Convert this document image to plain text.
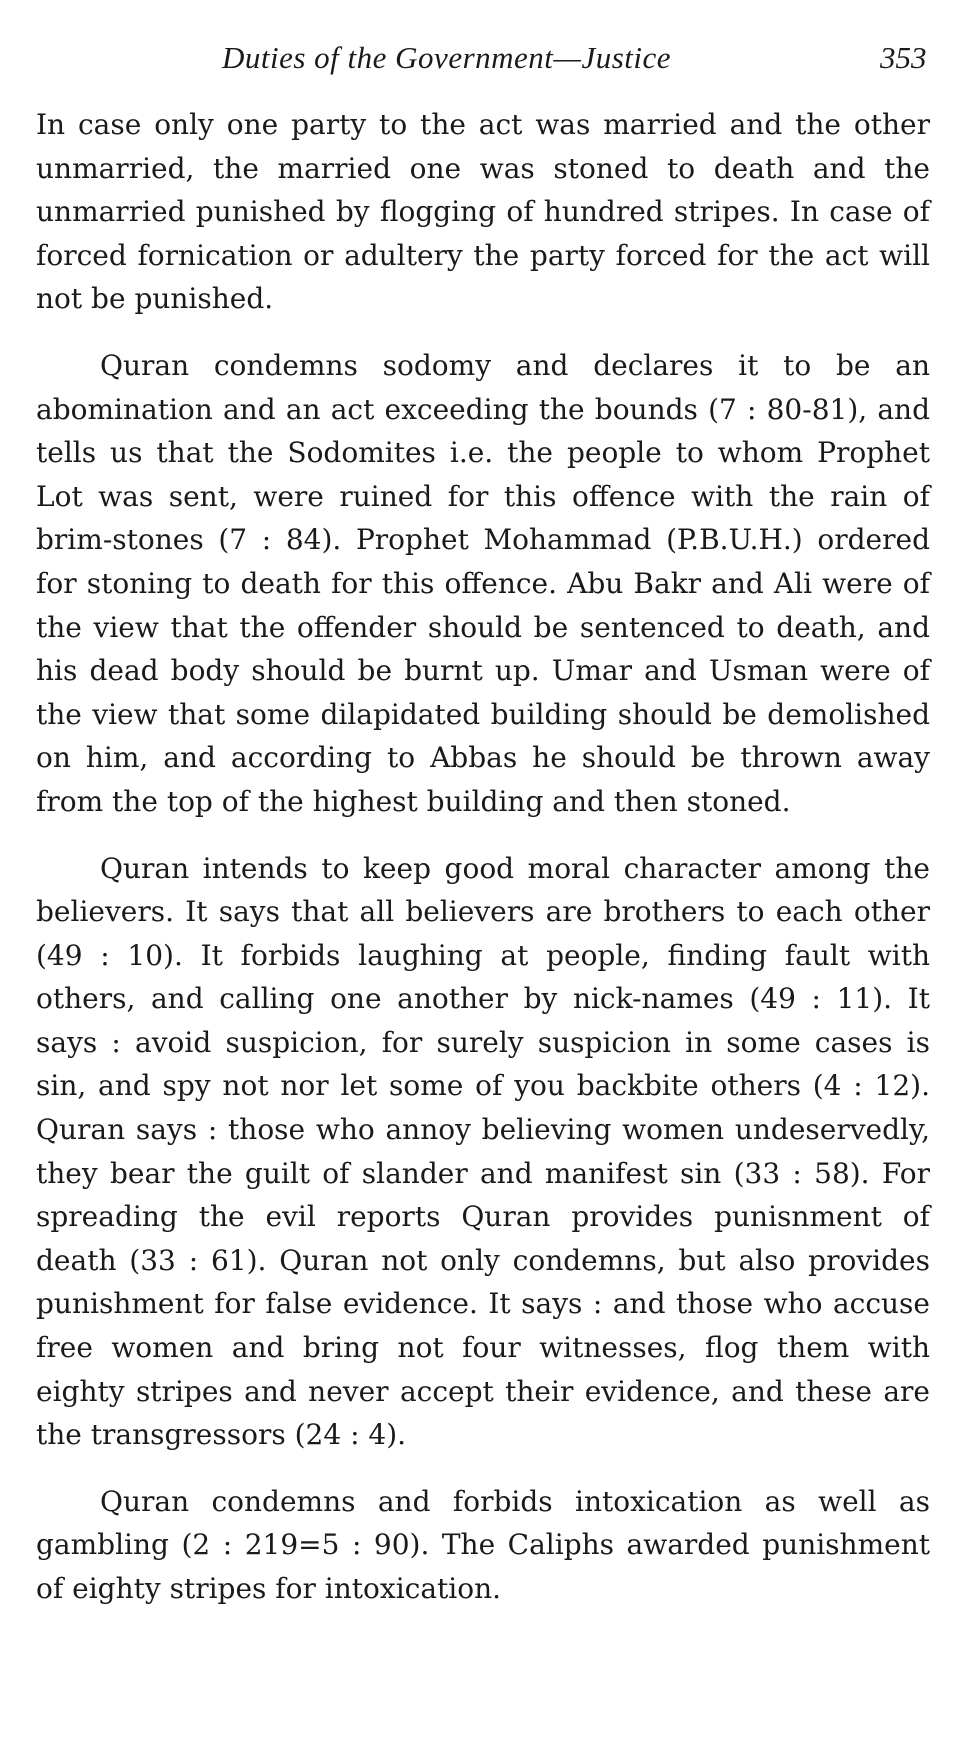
Duties of the Government—Justice	353

In case only one party to the act was married and the other unmarried, the married one was stoned to death and the unmarried punished by flogging of hundred stripes. In case of forced fornication or adultery the party forced for the act will not be punished.

Quran condemns sodomy and declares it to be an abomination and an act exceeding the bounds (7 : 80-81), and tells us that the Sodomites i.e. the people to whom Prophet Lot was sent, were ruined for this offence with the rain of brim-stones (7 : 84). Prophet Mohammad (P.B.U.H.) ordered for stoning to death for this offence. Abu Bakr and Ali were of the view that the offender should be sentenced to death, and his dead body should be burnt up. Umar and Usman were of the view that some dilapidated building should be demolished on him, and according to Abbas he should be thrown away from the top of the highest building and then stoned.

Quran intends to keep good moral character among the believers. It says that all believers are brothers to each other (49 : 10). It forbids laughing at people, finding fault with others, and calling one another by nick-names (49 : 11). It says : avoid suspicion, for surely suspicion in some cases is sin, and spy not nor let some of you backbite others (4 : 12). Quran says : those who annoy believing women undeservedly, they bear the guilt of slander and manifest sin (33 : 58). For spreading the evil reports Quran provides punisnment of death (33 : 61). Quran not only condemns, but also provides punishment for false evidence. It says : and those who accuse free women and bring not four witnesses, flog them with eighty stripes and never accept their evidence, and these are the transgressors (24 : 4).

Quran condemns and forbids intoxication as well as gambling (2 : 219=5 : 90). The Caliphs awarded punishment of eighty stripes for intoxication.
